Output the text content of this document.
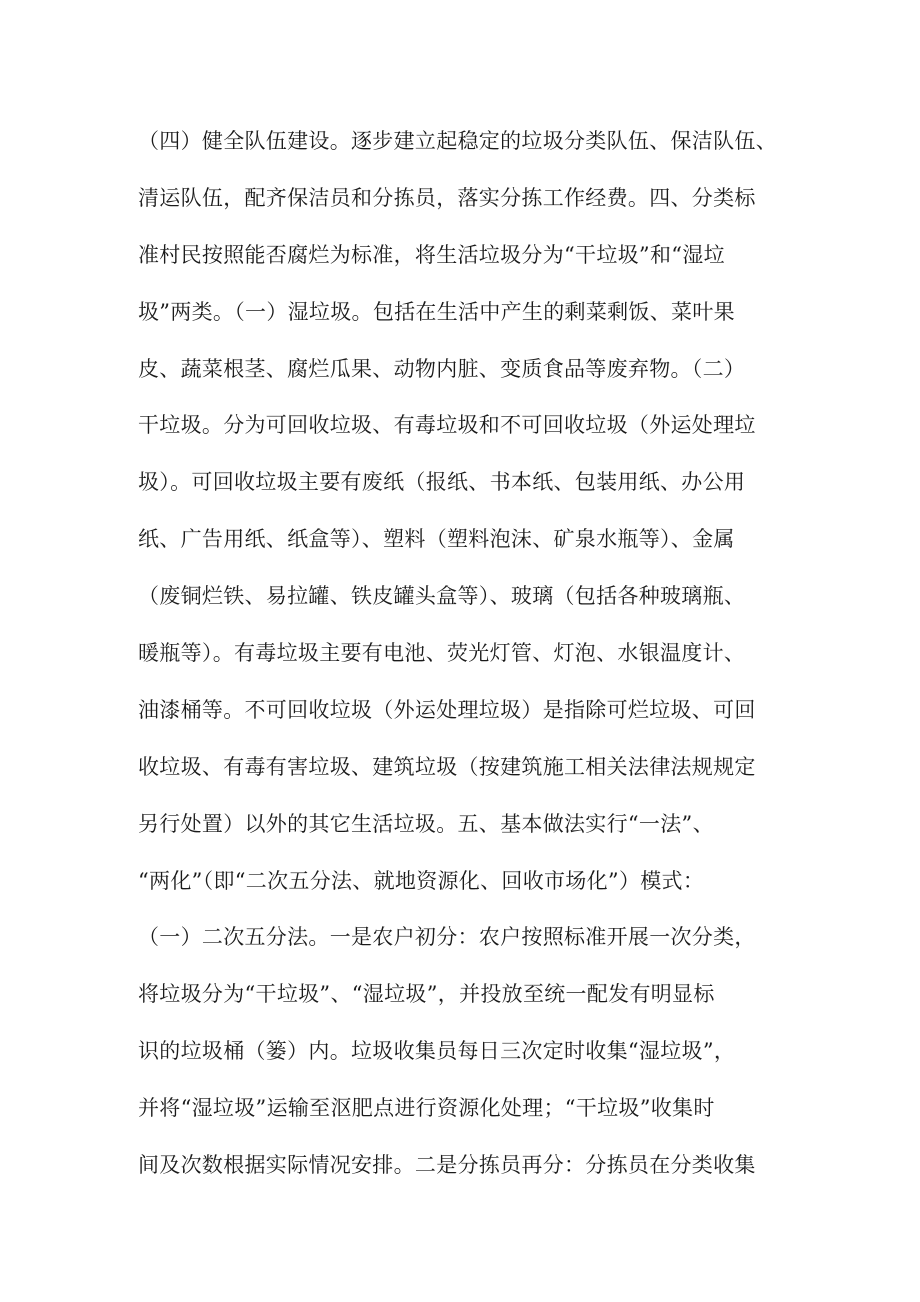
（四）健全队伍建设。逐步建立起稳定的垃圾分类队伍、保洁队伍、
清运队伍，配齐保洁员和分拣员，落实分拣工作经费。四、分类标
准村民按照能否腐烂为标准，将生活垃圾分为“干垃圾”和“湿垃
圾”两类。（一）湿垃圾。包括在生活中产生的剩菜剩饭、菜叶果
皮、蔬菜根茎、腐烂瓜果、动物内脏、变质食品等废弃物。（二）
干垃圾。分为可回收垃圾、有毒垃圾和不可回收垃圾（外运处理垃
圾）。可回收垃圾主要有废纸（报纸、书本纸、包装用纸、办公用
纸、广告用纸、纸盒等）、塑料（塑料泡沫、矿泉水瓶等）、金属
（废铜烂铁、易拉罐、铁皮罐头盒等）、玻璃（包括各种玻璃瓶、
暖瓶等）。有毒垃圾主要有电池、荧光灯管、灯泡、水银温度计、
油漆桶等。不可回收垃圾（外运处理垃圾）是指除可烂垃圾、可回
收垃圾、有毒有害垃圾、建筑垃圾（按建筑施工相关法律法规规定
另行处置）以外的其它生活垃圾。五、基本做法实行“一法”、
“两化”（即“二次五分法、就地资源化、回收市场化”）模式：
（一）二次五分法。一是农户初分：农户按照标准开展一次分类，
将垃圾分为“干垃圾”、“湿垃圾”，并投放至统一配发有明显标
识的垃圾桶（篓）内。垃圾收集员每日三次定时收集“湿垃圾”，
并将“湿垃圾”运输至沤肥点进行资源化处理；“干垃圾”收集时
间及次数根据实际情况安排。二是分拣员再分：分拣员在分类收集
